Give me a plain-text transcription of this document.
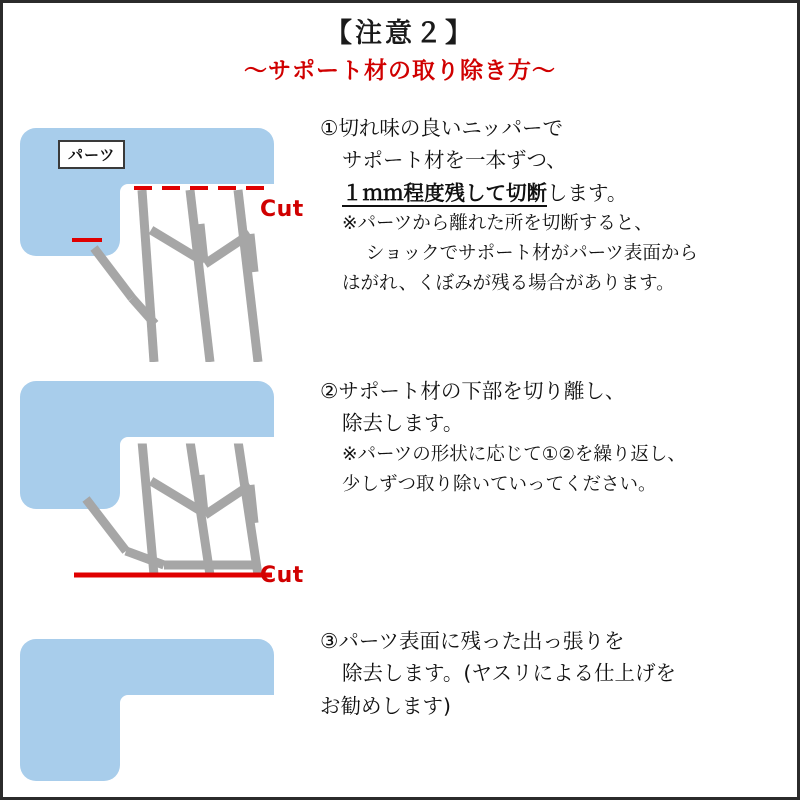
【注意２】
〜サポート材の取り除き方〜
パーツ
Cut
①切れ味の良いニッパーで
サポート材を一本ずつ、
１ｍｍ程度残して切断します。
※パーツから離れた所を切断すると、
ショックでサポート材がパーツ表面から
はがれ、くぼみが残る場合があります。
Cut
②サポート材の下部を切り離し、
除去します。
※パーツの形状に応じて①②を繰り返し、
少しずつ取り除いていってください。
③パーツ表面に残った出っ張りを
除去します。(ヤスリによる仕上げを
お勧めします)
